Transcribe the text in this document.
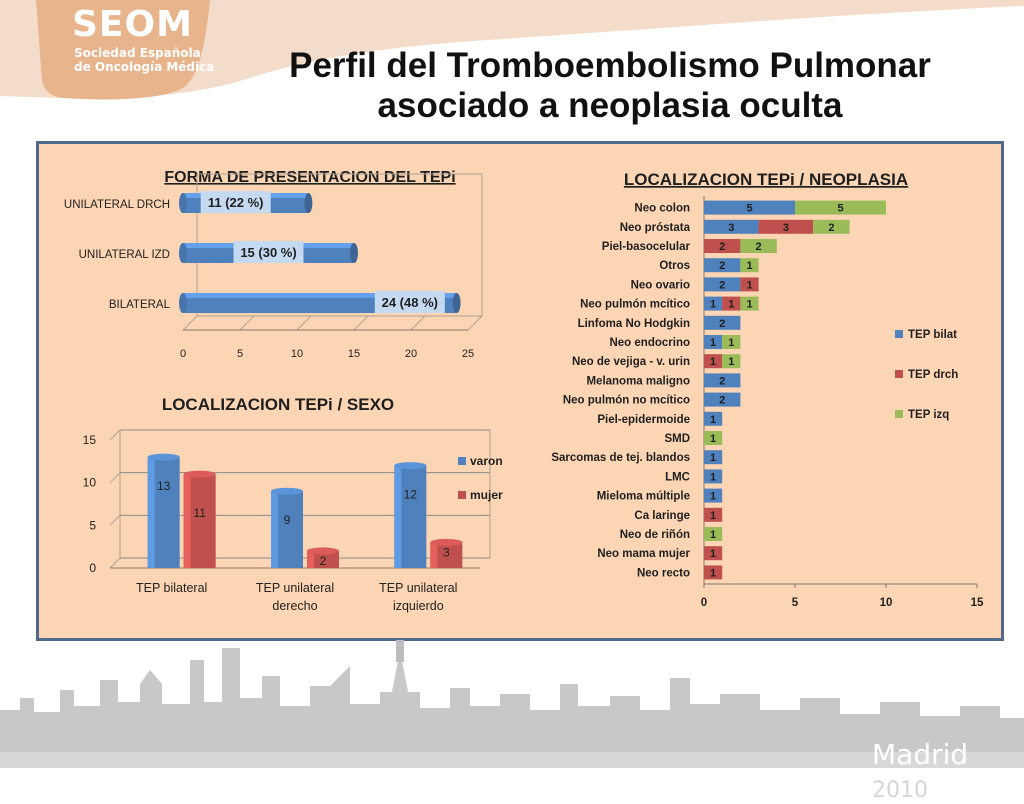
SEOM
Sociedad Española
de Oncología Médica	Perfil del Tromboembolismo Pulmonar
asociado a neoplasia oculta
FORMA DE PRESENTACION DEL TEPi
0	5	10	15	20	25
UNILATERAL DRCH	11 (22 %)
UNILATERAL IZD	15 (30 %)
BILATERAL	24 (48 %)
LOCALIZACION TEPi / SEXO
0
5
10
15
13
11
TEP bilateral
9
2
TEP unilateral
derecho
12
3
TEP unilateral
izquierdo
varon
mujer
LOCALIZACION TEPi / NEOPLASIA
0	5	10	15
Neo colon	5	5
Neo próstata	3	3	2
Piel-basocelular	2	2
Otros	2 1
Neo ovario	2 1
Neo pulmón mcítico 1 1 1
Linfoma No Hodgkin	2
Neo endocrino 1 1
Neo de vejiga - v. urin 1 1
Melanoma maligno	2
Neo pulmón no mcítico	2
Piel-epidermoide 1
SMD 1
Sarcomas de tej. blandos 1
LMC 1
Mieloma múltiple 1
Ca laringe 1
Neo de riñón 1
Neo mama mujer 1
Neo recto 1
TEP bilat
TEP drch
TEP izq
Madrid 2010
